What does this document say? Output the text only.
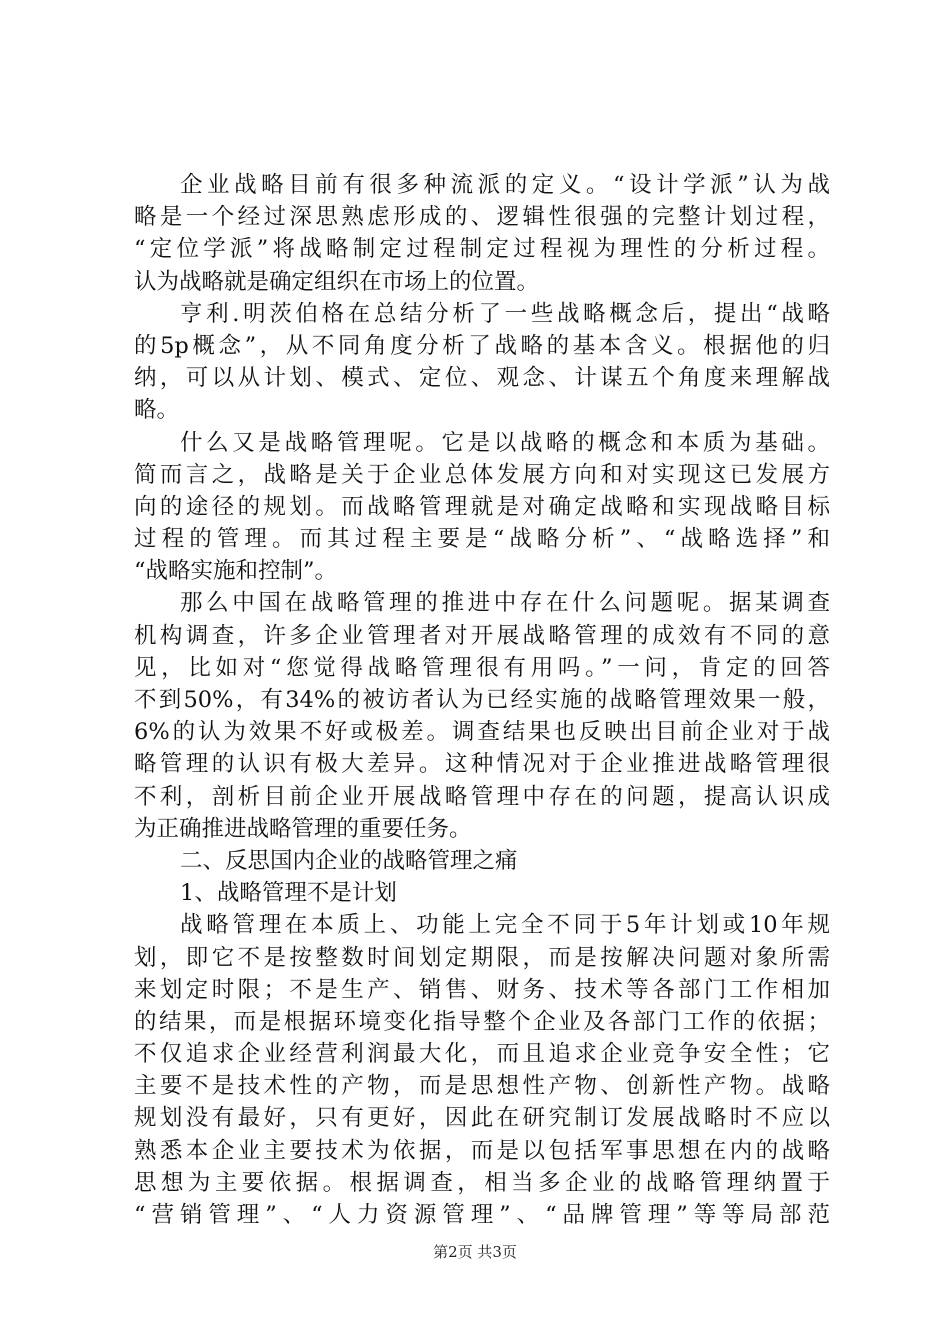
企业战略目前有很多种流派的定义。“设计学派”认为战
略是一个经过深思熟虑形成的、逻辑性很强的完整计划过程，
“定位学派”将战略制定过程制定过程视为理性的分析过程。
认为战略就是确定组织在市场上的位置。
亨利.明茨伯格在总结分析了一些战略概念后，提出“战略
的5p概念”，从不同角度分析了战略的基本含义。根据他的归
纳，可以从计划、模式、定位、观念、计谋五个角度来理解战
略。
什么又是战略管理呢。它是以战略的概念和本质为基础。
简而言之，战略是关于企业总体发展方向和对实现这已发展方
向的途径的规划。而战略管理就是对确定战略和实现战略目标
过程的管理。而其过程主要是“战略分析”、“战略选择”和
“战略实施和控制”。
那么中国在战略管理的推进中存在什么问题呢。据某调查
机构调查，许多企业管理者对开展战略管理的成效有不同的意
见，比如对“您觉得战略管理很有用吗。”一问，肯定的回答
不到50%，有34%的被访者认为已经实施的战略管理效果一般，
6%的认为效果不好或极差。调查结果也反映出目前企业对于战
略管理的认识有极大差异。这种情况对于企业推进战略管理很
不利，剖析目前企业开展战略管理中存在的问题，提高认识成
为正确推进战略管理的重要任务。
二、反思国内企业的战略管理之痛
1、战略管理不是计划
战略管理在本质上、功能上完全不同于5年计划或10年规
划，即它不是按整数时间划定期限，而是按解决问题对象所需
来划定时限；不是生产、销售、财务、技术等各部门工作相加
的结果，而是根据环境变化指导整个企业及各部门工作的依据；
不仅追求企业经营利润最大化，而且追求企业竞争安全性；它
主要不是技术性的产物，而是思想性产物、创新性产物。战略
规划没有最好，只有更好，因此在研究制订发展战略时不应以
熟悉本企业主要技术为依据，而是以包括军事思想在内的战略
思想为主要依据。根据调查，相当多企业的战略管理纳置于
“营销管理”、“人力资源管理”、“品牌管理”等等局部范
第2页 共3页
